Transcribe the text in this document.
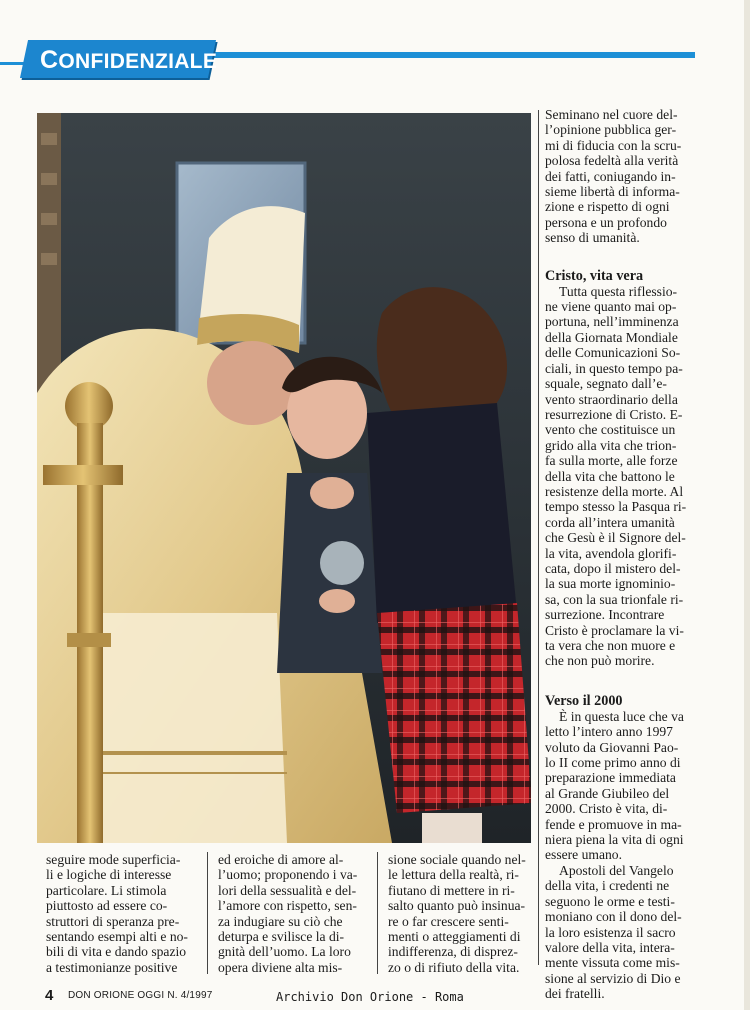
CONFIDENZIALE

Seminano nel cuore del-
l’opinione pubblica ger-
mi di fiducia con la scru-
polosa fedeltà alla verità
dei fatti, coniugando in-
sieme libertà di informa-
zione e rispetto di ogni
persona e un profondo
senso di umanità.

Cristo, vita vera

Tutta questa riflessio-
ne viene quanto mai op-
portuna, nell’imminenza
della Giornata Mondiale
delle Comunicazioni So-
ciali, in questo tempo pa-
squale, segnato dall’e-
vento straordinario della
resurrezione di Cristo. E-
vento che costituisce un
grido alla vita che trion-
fa sulla morte, alle forze
della vita che battono le
resistenze della morte. Al
tempo stesso la Pasqua ri-
corda all’intera umanità
che Gesù è il Signore del-
la vita, avendola glorifi-
cata, dopo il mistero del-
la sua morte ignominio-
sa, con la sua trionfale ri-
surrezione. Incontrare
Cristo è proclamare la vi-
ta vera che non muore e
che non può morire.

Verso il 2000

È in questa luce che va
letto l’intero anno 1997
voluto da Giovanni Pao-
lo II come primo anno di
preparazione immediata
al Grande Giubileo del
2000. Cristo è vita, di-
fende e promuove in ma-
niera piena la vita di ogni
essere umano.

Apostoli del Vangelo
della vita, i credenti ne
seguono le orme e testi-
moniano con il dono del-
la loro esistenza il sacro
valore della vita, intera-
mente vissuta come mis-
sione al servizio di Dio e
dei fratelli.

seguire mode superficia-
li e logiche di interesse
particolare. Li stimola
piuttosto ad essere co-
struttori di speranza pre-
sentando esempi alti e no-
bili di vita e dando spazio
a testimonianze positive

ed eroiche di amore al-
l’uomo; proponendo i va-
lori della sessualità e del-
l’amore con rispetto, sen-
za indugiare su ciò che
deturpa e svilisce la di-
gnità dell’uomo. La loro
opera diviene alta mis-

sione sociale quando nel-
le lettura della realtà, ri-
fiutano di mettere in ri-
salto quanto può insinua-
re o far crescere senti-
menti o atteggiamenti di
indifferenza, di disprez-
zo o di rifiuto della vita.

4 DON ORIONE OGGI N. 4/1997	Archivio Don Orione - Roma
